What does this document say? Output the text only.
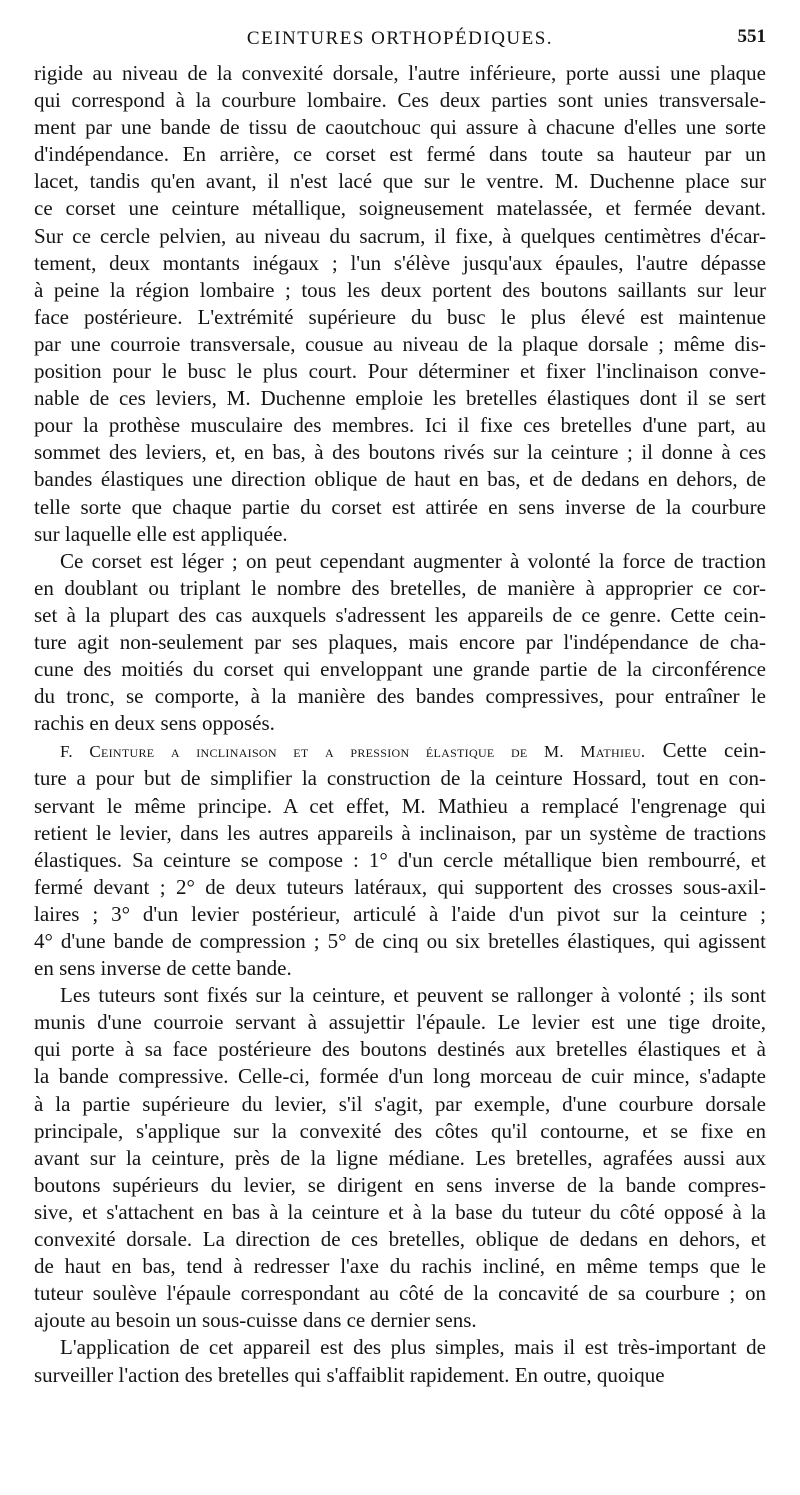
CEINTURES ORTHOPÉDIQUES.	551
rigide au niveau de la convexité dorsale, l'autre inférieure, porte aussi une plaque
qui correspond à la courbure lombaire. Ces deux parties sont unies transversale-
ment par une bande de tissu de caoutchouc qui assure à chacune d'elles une sorte
d'indépendance. En arrière, ce corset est fermé dans toute sa hauteur par un
lacet, tandis qu'en avant, il n'est lacé que sur le ventre. M. Duchenne place sur
ce corset une ceinture métallique, soigneusement matelassée, et fermée devant.
Sur ce cercle pelvien, au niveau du sacrum, il fixe, à quelques centimètres d'écar-
tement, deux montants inégaux ; l'un s'élève jusqu'aux épaules, l'autre dépasse
à peine la région lombaire ; tous les deux portent des boutons saillants sur leur
face postérieure. L'extrémité supérieure du busc le plus élevé est maintenue
par une courroie transversale, cousue au niveau de la plaque dorsale ; même dis-
position pour le busc le plus court. Pour déterminer et fixer l'inclinaison conve-
nable de ces leviers, M. Duchenne emploie les bretelles élastiques dont il se sert
pour la prothèse musculaire des membres. Ici il fixe ces bretelles d'une part, au
sommet des leviers, et, en bas, à des boutons rivés sur la ceinture ; il donne à ces
bandes élastiques une direction oblique de haut en bas, et de dedans en dehors, de
telle sorte que chaque partie du corset est attirée en sens inverse de la courbure
sur laquelle elle est appliquée.
Ce corset est léger ; on peut cependant augmenter à volonté la force de traction
en doublant ou triplant le nombre des bretelles, de manière à approprier ce cor-
set à la plupart des cas auxquels s'adressent les appareils de ce genre. Cette cein-
ture agit non-seulement par ses plaques, mais encore par l'indépendance de cha-
cune des moitiés du corset qui enveloppant une grande partie de la circonférence
du tronc, se comporte, à la manière des bandes compressives, pour entraîner le
rachis en deux sens opposés.
F. Ceinture a inclinaison et a pression élastique de M. Mathieu. Cette cein-
ture a pour but de simplifier la construction de la ceinture Hossard, tout en con-
servant le même principe. A cet effet, M. Mathieu a remplacé l'engrenage qui
retient le levier, dans les autres appareils à inclinaison, par un système de tractions
élastiques. Sa ceinture se compose : 1° d'un cercle métallique bien rembourré, et
fermé devant ; 2° de deux tuteurs latéraux, qui supportent des crosses sous-axil-
laires ; 3° d'un levier postérieur, articulé à l'aide d'un pivot sur la ceinture ;
4° d'une bande de compression ; 5° de cinq ou six bretelles élastiques, qui agissent
en sens inverse de cette bande.
Les tuteurs sont fixés sur la ceinture, et peuvent se rallonger à volonté ; ils sont
munis d'une courroie servant à assujettir l'épaule. Le levier est une tige droite,
qui porte à sa face postérieure des boutons destinés aux bretelles élastiques et à
la bande compressive. Celle-ci, formée d'un long morceau de cuir mince, s'adapte
à la partie supérieure du levier, s'il s'agit, par exemple, d'une courbure dorsale
principale, s'applique sur la convexité des côtes qu'il contourne, et se fixe en
avant sur la ceinture, près de la ligne médiane. Les bretelles, agrafées aussi aux
boutons supérieurs du levier, se dirigent en sens inverse de la bande compres-
sive, et s'attachent en bas à la ceinture et à la base du tuteur du côté opposé à la
convexité dorsale. La direction de ces bretelles, oblique de dedans en dehors, et
de haut en bas, tend à redresser l'axe du rachis incliné, en même temps que le
tuteur soulève l'épaule correspondant au côté de la concavité de sa courbure ; on
ajoute au besoin un sous-cuisse dans ce dernier sens.
L'application de cet appareil est des plus simples, mais il est très-important de
surveiller l'action des bretelles qui s'affaiblit rapidement. En outre, quoique
